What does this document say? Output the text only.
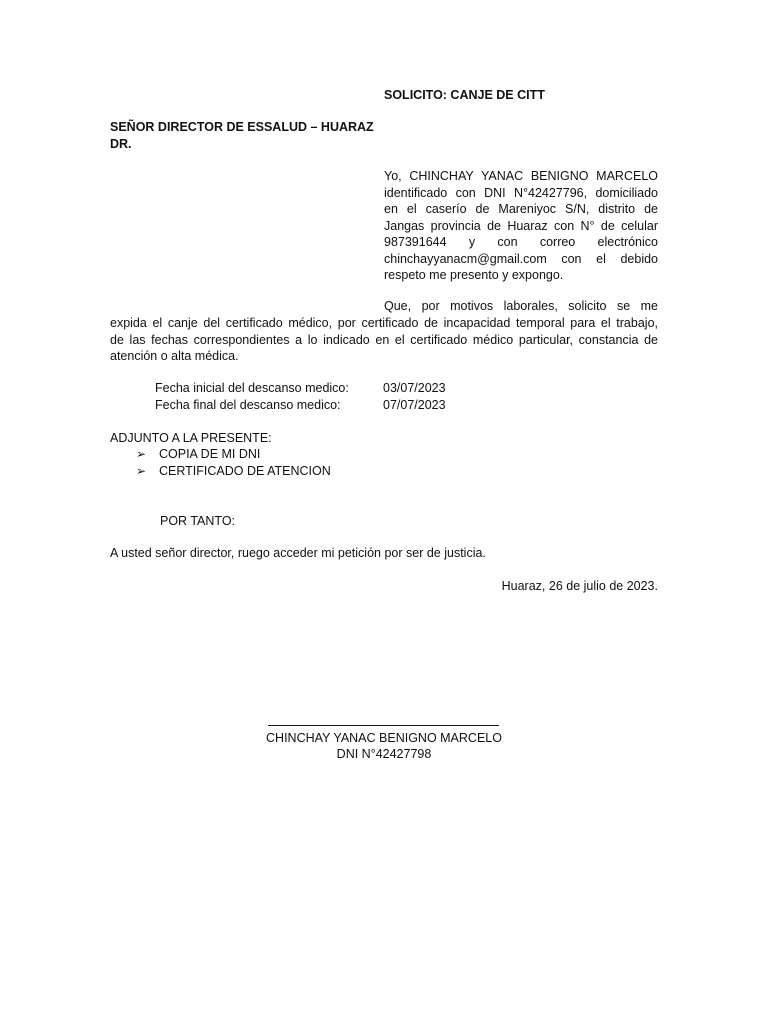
SOLICITO: CANJE DE CITT
SEÑOR DIRECTOR DE ESSALUD – HUARAZ
DR.
Yo, CHINCHAY YANAC BENIGNO MARCELO
identificado con DNI N°42427796, domiciliado
en el caserío de Mareniyoc S/N, distrito de
Jangas provincia de Huaraz con N° de celular
987391644 y con correo electrónico
chinchayyanacm@gmail.com con el debido
respeto me presento y expongo.
Que, por motivos laborales, solicito se me
expida el canje del certificado médico, por certificado de incapacidad temporal para el trabajo,
de las fechas correspondientes a lo indicado en el certificado médico particular, constancia de
atención o alta médica.
Fecha inicial del descanso medico:	03/07/2023
Fecha final del descanso medico:	07/07/2023
ADJUNTO A LA PRESENTE:
➢ COPIA DE MI DNI
➢ CERTIFICADO DE ATENCION
POR TANTO:
A usted señor director, ruego acceder mi petición por ser de justicia.
Huaraz, 26 de julio de 2023.
CHINCHAY YANAC BENIGNO MARCELO
DNI N°42427798
